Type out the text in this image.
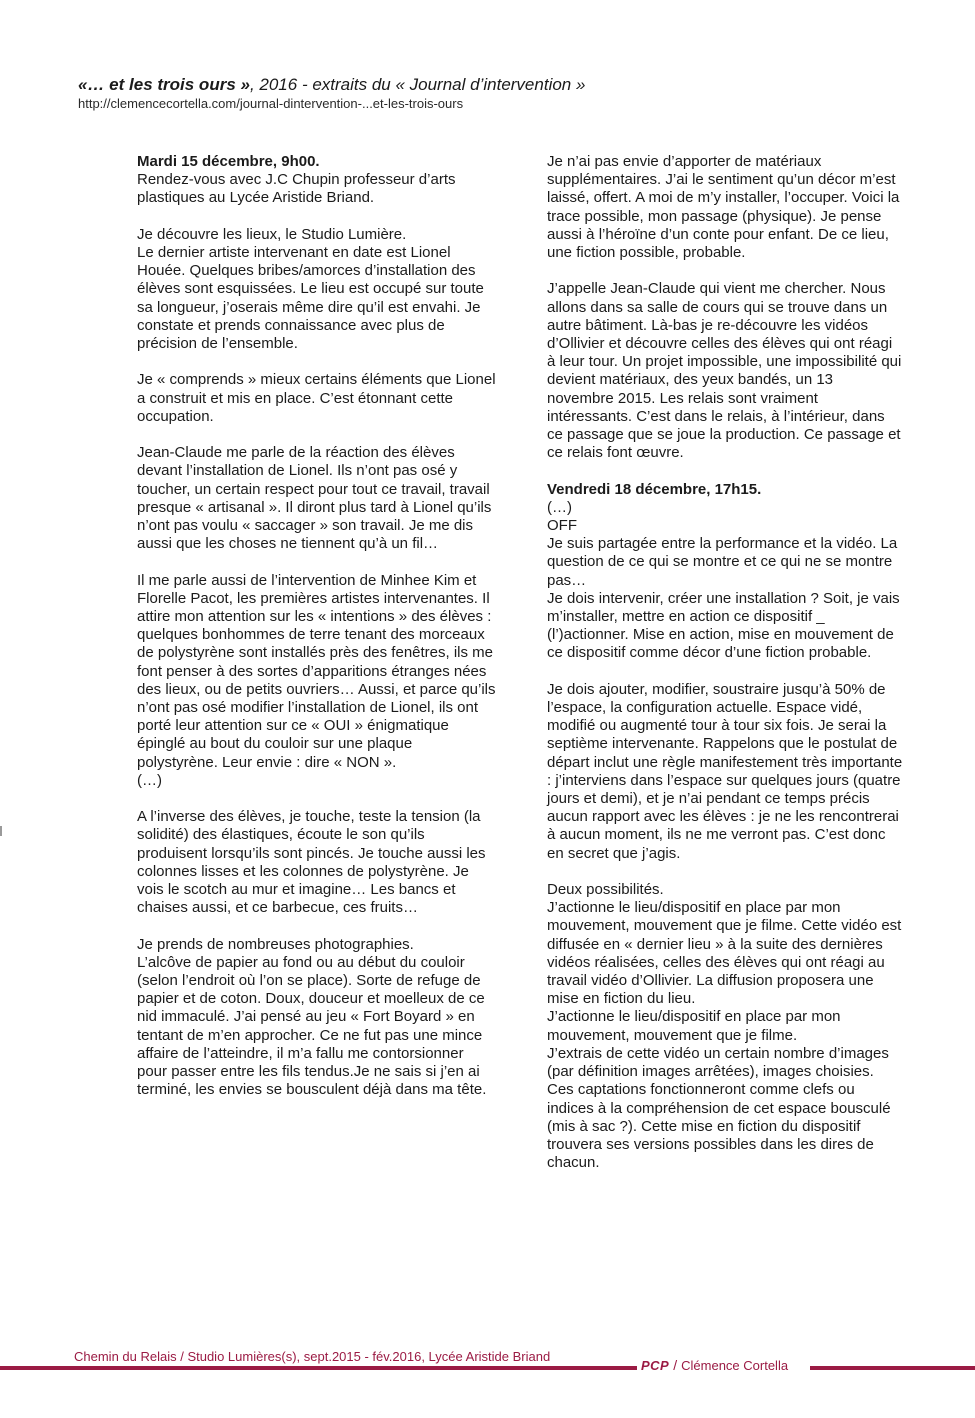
«… et les trois ours », 2016 - extraits du « Journal d’intervention »
http://clemencecortella.com/journal-dintervention-...et-les-trois-ours

Mardi 15 décembre, 9h00.
Rendez-vous avec J.C Chupin professeur d’arts plastiques au Lycée Aristide Briand.

Je découvre les lieux, le Studio Lumière.
Le dernier artiste intervenant en date est Lionel Houée. Quelques bribes/amorces d’installation des élèves sont esquissées. Le lieu est occupé sur toute sa longueur, j’oserais même dire qu’il est envahi. Je constate et prends connaissance avec plus de précision de l’ensemble.

Je « comprends » mieux certains éléments que Lionel a construit et mis en place. C’est étonnant cette occupation.

Jean-Claude me parle de la réaction des élèves devant l’installation de Lionel. Ils n’ont pas osé y toucher, un certain respect pour tout ce travail, travail presque « artisanal ». Il diront plus tard à Lionel qu’ils n’ont pas voulu « saccager » son travail. Je me dis aussi que les choses ne tiennent qu’à un fil…

Il me parle aussi de l’intervention de Minhee Kim et Florelle Pacot, les premières artistes intervenantes. Il attire mon attention sur les « intentions » des élèves : quelques bonhommes de terre tenant des morceaux de polystyrène sont installés près des fenêtres, ils me font penser à des sortes d’apparitions étranges nées des lieux, ou de petits ouvriers… Aussi, et parce qu’ils n’ont pas osé modifier l’installation de Lionel, ils ont porté leur attention sur ce « OUI » énigmatique épinglé au bout du couloir sur une plaque polystyrène. Leur envie : dire « NON ».
(…)

A l’inverse des élèves, je touche, teste la tension (la solidité) des élastiques, écoute le son qu’ils produisent lorsqu’ils sont pincés. Je touche aussi les colonnes lisses et les colonnes de polystyrène. Je vois le scotch au mur et imagine… Les bancs et chaises aussi, et ce barbecue, ces fruits…

Je prends de nombreuses photographies.
L’alcôve de papier au fond ou au début du couloir (selon l’endroit où l’on se place). Sorte de refuge de papier et de coton. Doux, douceur et moelleux de ce nid immaculé. J’ai pensé au jeu « Fort Boyard » en tentant de m’en approcher. Ce ne fut pas une mince affaire de l’atteindre, il m’a fallu me contorsionner pour passer entre les fils tendus.Je ne sais si j’en ai terminé, les envies se bousculent déjà dans ma tête.

Je n’ai pas envie d’apporter de matériaux supplémentaires. J’ai le sentiment qu’un décor m’est laissé, offert. A moi de m’y installer, l’occuper. Voici la trace possible, mon passage (physique). Je pense aussi à l’héroïne d’un conte pour enfant. De ce lieu, une fiction possible, probable.

J’appelle Jean-Claude qui vient me chercher. Nous allons dans sa salle de cours qui se trouve dans un autre bâtiment. Là-bas je re-découvre les vidéos d’Ollivier et découvre celles des élèves qui ont réagi à leur tour. Un projet impossible, une impossibilité qui devient matériaux, des yeux bandés, un 13 novembre 2015. Les relais sont vraiment intéressants. C’est dans le relais, à l’intérieur, dans ce passage que se joue la production. Ce passage et ce relais font œuvre.

Vendredi 18 décembre, 17h15.
(…)
OFF
Je suis partagée entre la performance et la vidéo. La question de ce qui se montre et ce qui ne se montre pas…
Je dois intervenir, créer une installation ? Soit, je vais m’installer, mettre en action ce dispositif _ (l’)actionner. Mise en action, mise en mouvement de ce dispositif comme décor d’une fiction probable.

Je dois ajouter, modifier, soustraire jusqu’à 50% de l’espace, la configuration actuelle. Espace vidé, modifié ou augmenté tour à tour six fois. Je serai la septième intervenante. Rappelons que le postulat de départ inclut une règle manifestement très importante : j’interviens dans l’espace sur quelques jours (quatre jours et demi), et je n’ai pendant ce temps précis aucun rapport avec les élèves : je ne les rencontrerai à aucun moment, ils ne me verront pas. C’est donc en secret que j’agis.

Deux possibilités.
J’actionne le lieu/dispositif en place par mon mouvement, mouvement que je filme. Cette vidéo est diffusée en « dernier lieu » à la suite des dernières vidéos réalisées, celles des élèves qui ont réagi au travail vidéo d’Ollivier. La diffusion proposera une mise en fiction du lieu.
J’actionne le lieu/dispositif en place par mon mouvement, mouvement que je filme.
J’extrais de cette vidéo un certain nombre d’images (par définition images arrêtées), images choisies. Ces captations fonctionneront comme clefs ou indices à la compréhension de cet espace bousculé (mis à sac ?). Cette mise en fiction du dispositif trouvera ses versions possibles dans les dires de chacun.

Chemin du Relais / Studio Lumières(s), sept.2015 - fév.2016, Lycée Aristide Briand
PCP / Clémence Cortella
